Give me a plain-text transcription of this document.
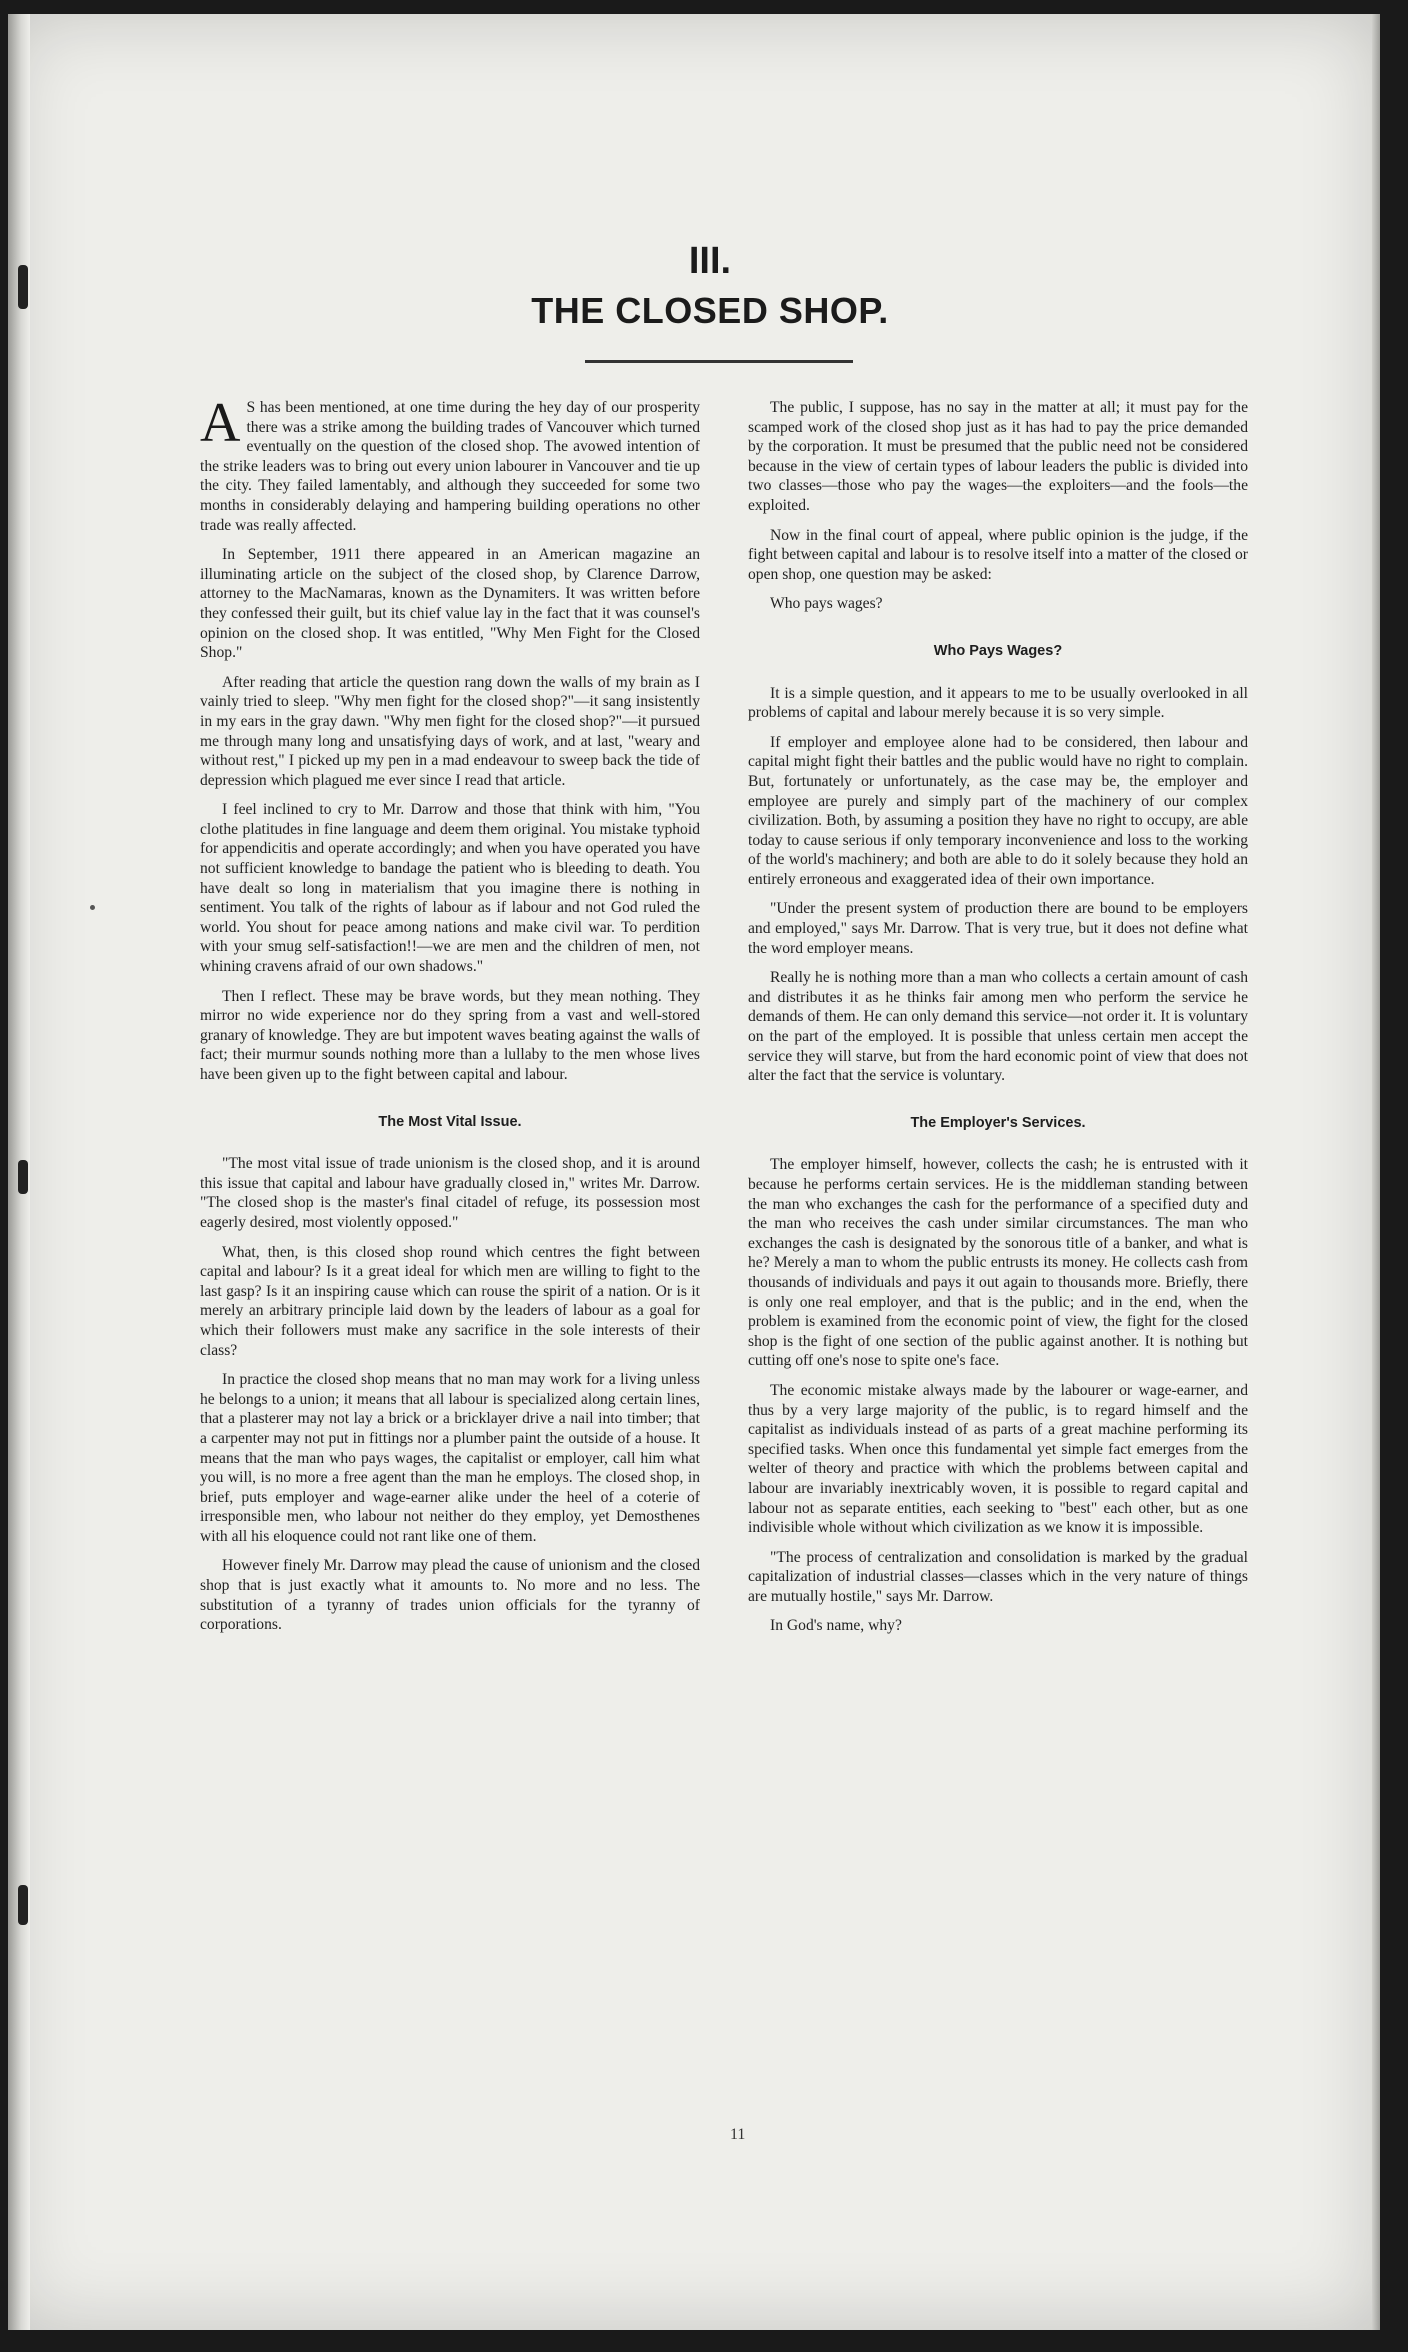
III.
THE CLOSED SHOP.

A S has been mentioned, at one time during the hey day of our prosperity there was a strike among the building trades of Vancouver which turned eventually on the question of the closed shop. The avowed intention of the strike leaders was to bring out every union labourer in Vancouver and tie up the city. They failed lamentably, and although they succeeded for some two months in considerably delaying and hampering building operations no other trade was really affected.

In September, 1911 there appeared in an American magazine an illuminating article on the subject of the closed shop, by Clarence Darrow, attorney to the MacNamaras, known as the Dynamiters. It was written before they confessed their guilt, but its chief value lay in the fact that it was counsel's opinion on the closed shop. It was entitled, "Why Men Fight for the Closed Shop."

After reading that article the question rang down the walls of my brain as I vainly tried to sleep. "Why men fight for the closed shop?"—it sang insistently in my ears in the gray dawn. "Why men fight for the closed shop?"—it pursued me through many long and unsatisfying days of work, and at last, "weary and without rest," I picked up my pen in a mad endeavour to sweep back the tide of depression which plagued me ever since I read that article.

I feel inclined to cry to Mr. Darrow and those that think with him, "You clothe platitudes in fine language and deem them original. You mistake typhoid for appendicitis and operate accordingly; and when you have operated you have not sufficient knowledge to bandage the patient who is bleeding to death. You have dealt so long in materialism that you imagine there is nothing in sentiment. You talk of the rights of labour as if labour and not God ruled the world. You shout for peace among nations and make civil war. To perdition with your smug self-satisfaction!!—we are men and the children of men, not whining cravens afraid of our own shadows."

Then I reflect. These may be brave words, but they mean nothing. They mirror no wide experience nor do they spring from a vast and well-stored granary of knowledge. They are but impotent waves beating against the walls of fact; their murmur sounds nothing more than a lullaby to the men whose lives have been given up to the fight between capital and labour.

The Most Vital Issue.

"The most vital issue of trade unionism is the closed shop, and it is around this issue that capital and labour have gradually closed in," writes Mr. Darrow. "The closed shop is the master's final citadel of refuge, its possession most eagerly desired, most violently opposed."

What, then, is this closed shop round which centres the fight between capital and labour? Is it a great ideal for which men are willing to fight to the last gasp? Is it an inspiring cause which can rouse the spirit of a nation. Or is it merely an arbitrary principle laid down by the leaders of labour as a goal for which their followers must make any sacrifice in the sole interests of their class?

In practice the closed shop means that no man may work for a living unless he belongs to a union; it means that all labour is specialized along certain lines, that a plasterer may not lay a brick or a bricklayer drive a nail into timber; that a carpenter may not put in fittings nor a plumber paint the outside of a house. It means that the man who pays wages, the capitalist or employer, call him what you will, is no more a free agent than the man he employs. The closed shop, in brief, puts employer and wage-earner alike under the heel of a coterie of irresponsible men, who labour not neither do they employ, yet Demosthenes with all his eloquence could not rant like one of them.

However finely Mr. Darrow may plead the cause of unionism and the closed shop that is just exactly what it amounts to. No more and no less. The substitution of a tyranny of trades union officials for the tyranny of corporations.

The public, I suppose, has no say in the matter at all; it must pay for the scamped work of the closed shop just as it has had to pay the price demanded by the corporation. It must be presumed that the public need not be considered because in the view of certain types of labour leaders the public is divided into two classes—those who pay the wages—the exploiters—and the fools—the exploited.

Now in the final court of appeal, where public opinion is the judge, if the fight between capital and labour is to resolve itself into a matter of the closed or open shop, one question may be asked:

Who pays wages?

Who Pays Wages?

It is a simple question, and it appears to me to be usually overlooked in all problems of capital and labour merely because it is so very simple.

If employer and employee alone had to be considered, then labour and capital might fight their battles and the public would have no right to complain. But, fortunately or unfortunately, as the case may be, the employer and employee are purely and simply part of the machinery of our complex civilization. Both, by assuming a position they have no right to occupy, are able today to cause serious if only temporary inconvenience and loss to the working of the world's machinery; and both are able to do it solely because they hold an entirely erroneous and exaggerated idea of their own importance.

"Under the present system of production there are bound to be employers and employed," says Mr. Darrow. That is very true, but it does not define what the word employer means.

Really he is nothing more than a man who collects a certain amount of cash and distributes it as he thinks fair among men who perform the service he demands of them. He can only demand this service—not order it. It is voluntary on the part of the employed. It is possible that unless certain men accept the service they will starve, but from the hard economic point of view that does not alter the fact that the service is voluntary.

The Employer's Services.

The employer himself, however, collects the cash; he is entrusted with it because he performs certain services. He is the middleman standing between the man who exchanges the cash for the performance of a specified duty and the man who receives the cash under similar circumstances. The man who exchanges the cash is designated by the sonorous title of a banker, and what is he? Merely a man to whom the public entrusts its money. He collects cash from thousands of individuals and pays it out again to thousands more. Briefly, there is only one real employer, and that is the public; and in the end, when the problem is examined from the economic point of view, the fight for the closed shop is the fight of one section of the public against another. It is nothing but cutting off one's nose to spite one's face.

The economic mistake always made by the labourer or wage-earner, and thus by a very large majority of the public, is to regard himself and the capitalist as individuals instead of as parts of a great machine performing its specified tasks. When once this fundamental yet simple fact emerges from the welter of theory and practice with which the problems between capital and labour are invariably inextricably woven, it is possible to regard capital and labour not as separate entities, each seeking to "best" each other, but as one indivisible whole without which civilization as we know it is impossible.

"The process of centralization and consolidation is marked by the gradual capitalization of industrial classes—classes which in the very nature of things are mutually hostile," says Mr. Darrow.

In God's name, why?

11
